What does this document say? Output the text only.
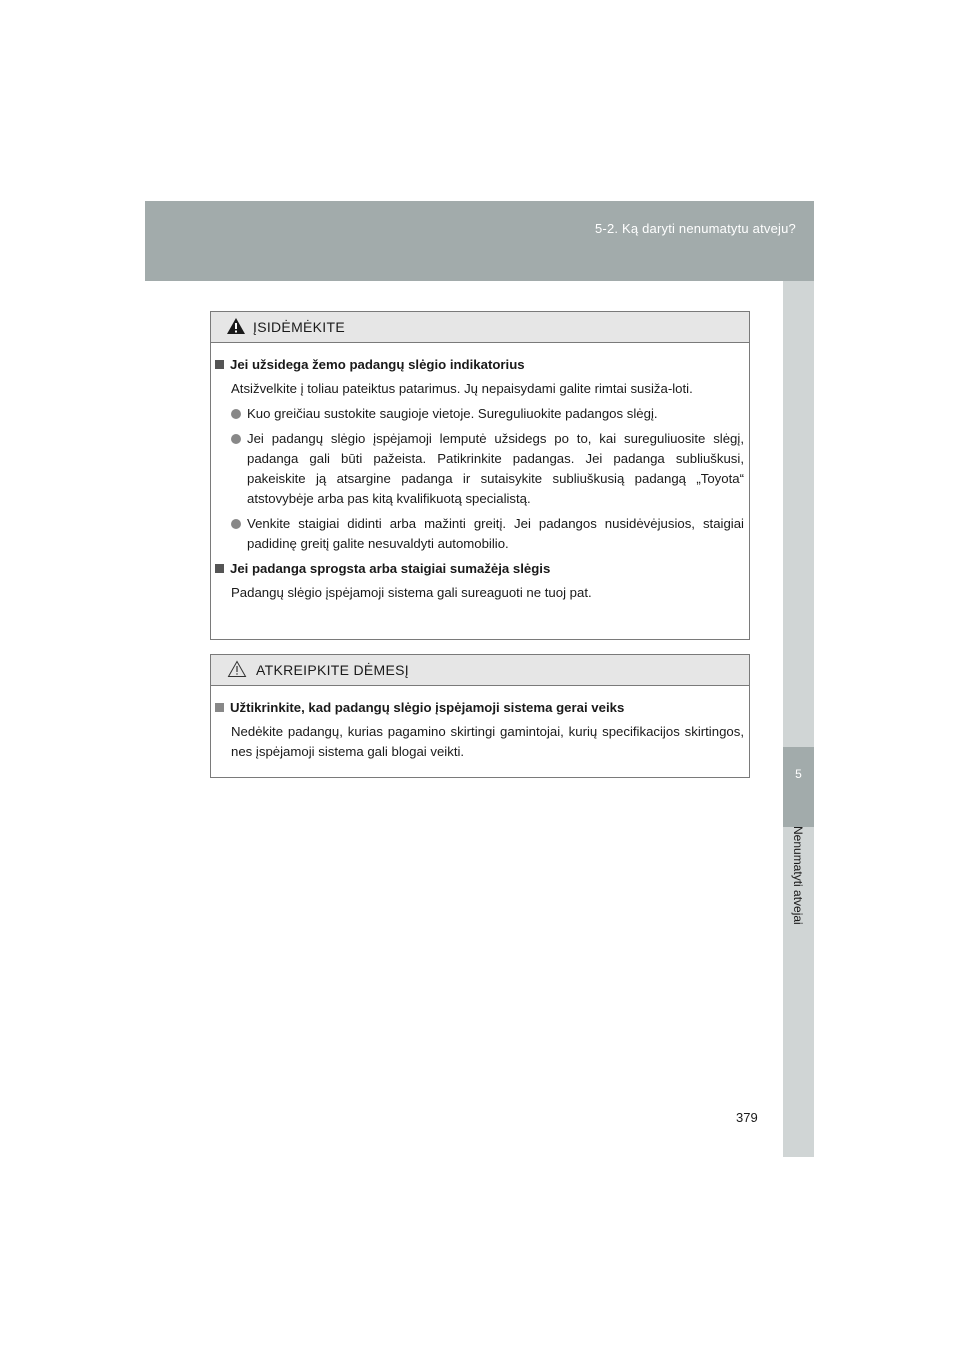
5-2. Ką daryti nenumatytu atveju?
5
Nenumatyti atvejai
ĮSIDĖMĖKITE
Jei užsidega žemo padangų slėgio indikatorius
Atsižvelkite į toliau pateiktus patarimus. Jų nepaisydami galite rimtai susiža-loti.
Kuo greičiau sustokite saugioje vietoje. Sureguliuokite padangos slėgį.
Jei padangų slėgio įspėjamoji lemputė užsidegs po to, kai sureguliuosite slėgį, padanga gali būti pažeista. Patikrinkite padangas. Jei padanga subliuškusi, pakeiskite ją atsargine padanga ir sutaisykite subliuškusią padangą „Toyota“ atstovybėje arba pas kitą kvalifikuotą specialistą.
Venkite staigiai didinti arba mažinti greitį. Jei padangos nusidėvėjusios, staigiai padidinę greitį galite nesuvaldyti automobilio.
Jei padanga sprogsta arba staigiai sumažėja slėgis
Padangų slėgio įspėjamoji sistema gali sureaguoti ne tuoj pat.
ATKREIPKITE DĖMESĮ
Užtikrinkite, kad padangų slėgio įspėjamoji sistema gerai veiks
Nedėkite padangų, kurias pagamino skirtingi gamintojai, kurių specifikacijos skirtingos, nes įspėjamoji sistema gali blogai veikti.
379
